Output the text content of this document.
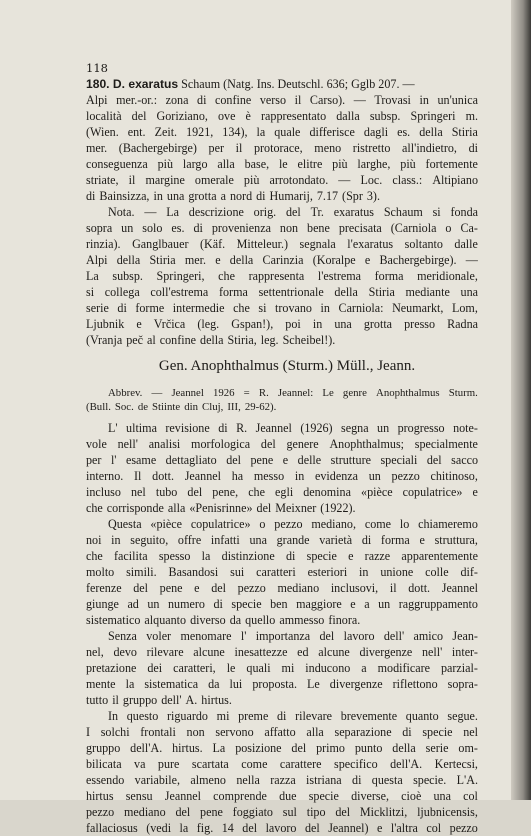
118
180. D. exaratus Schaum (Natg. Ins. Deutschl. 636; Gglb 207. —
Alpi mer.-or.: zona di confine verso il Carso). — Trovasi in un'unica
località del Goriziano, ove è rappresentato dalla subsp. Springeri m.
(Wien. ent. Zeit. 1921, 134), la quale differisce dagli es. della Stiria
mer. (Bachergebirge) per il protorace, meno ristretto all'indietro, di
conseguenza più largo alla base, le elitre più larghe, più fortemente
striate, il margine omerale più arrotondato. — Loc. class.: Altipiano
di Bainsizza, in una grotta a nord di Humarij, 7.17 (Spr 3).
Nota. — La descrizione orig. del Tr. exaratus Schaum si fonda
sopra un solo es. di provenienza non bene precisata (Carniola o Ca-
rinzia). Ganglbauer (Käf. Mitteleur.) segnala l'exaratus soltanto dalle
Alpi della Stiria mer. e della Carinzia (Koralpe e Bachergebirge). —
La subsp. Springeri, che rappresenta l'estrema forma meridionale,
si collega coll'estrema forma settentrionale della Stiria mediante una
serie di forme intermedie che si trovano in Carniola: Neumarkt, Lom,
Ljubnik e Vrčica (leg. Gspan!), poi in una grotta presso Radna
(Vranja peč al confine della Stiria, leg. Scheibel!).
Gen. Anophthalmus (Sturm.) Müll., Jeann.
Abbrev. — Jeannel 1926 = R. Jeannel: Le genre Anophthalmus Sturm.
(Bull. Soc. de Stiinte din Cluj, III, 29-62).
L' ultima revisione di R. Jeannel (1926) segna un progresso note-
vole nell' analisi morfologica del genere Anophthalmus; specialmente
per l' esame dettagliato del pene e delle strutture speciali del sacco
interno. Il dott. Jeannel ha messo in evidenza un pezzo chitinoso,
incluso nel tubo del pene, che egli denomina «pièce copulatrice» e
che corrisponde alla «Penisrinne» del Meixner (1922).
Questa «pièce copulatrice» o pezzo mediano, come lo chiameremo
noi in seguito, offre infatti una grande varietà di forma e struttura,
che facilita spesso la distinzione di specie e razze apparentemente
molto simili. Basandosi sui caratteri esteriori in unione colle dif-
ferenze del pene e del pezzo mediano inclusovi, il dott. Jeannel
giunge ad un numero di specie ben maggiore e a un raggruppamento
sistematico alquanto diverso da quello ammesso finora.
Senza voler menomare l' importanza del lavoro dell' amico Jean-
nel, devo rilevare alcune inesattezze ed alcune divergenze nell' inter-
pretazione dei caratteri, le quali mi inducono a modificare parzial-
mente la sistematica da lui proposta. Le divergenze riflettono sopra-
tutto il gruppo dell' A. hirtus.
In questo riguardo mi preme di rilevare brevemente quanto segue.
I solchi frontali non servono affatto alla separazione di specie nel
gruppo dell'A. hirtus. La posizione del primo punto della serie om-
bilicata va pure scartata come carattere specifico dell'A. Kertecsi,
essendo variabile, almeno nella razza istriana di questa specie. L'A.
hirtus sensu Jeannel comprende due specie diverse, cioè una col
pezzo mediano del pene foggiato sul tipo del Micklitzi, ljubnicensis,
fallaciosus (vedi la fig. 14 del lavoro del Jeannel) e l'altra col pezzo
